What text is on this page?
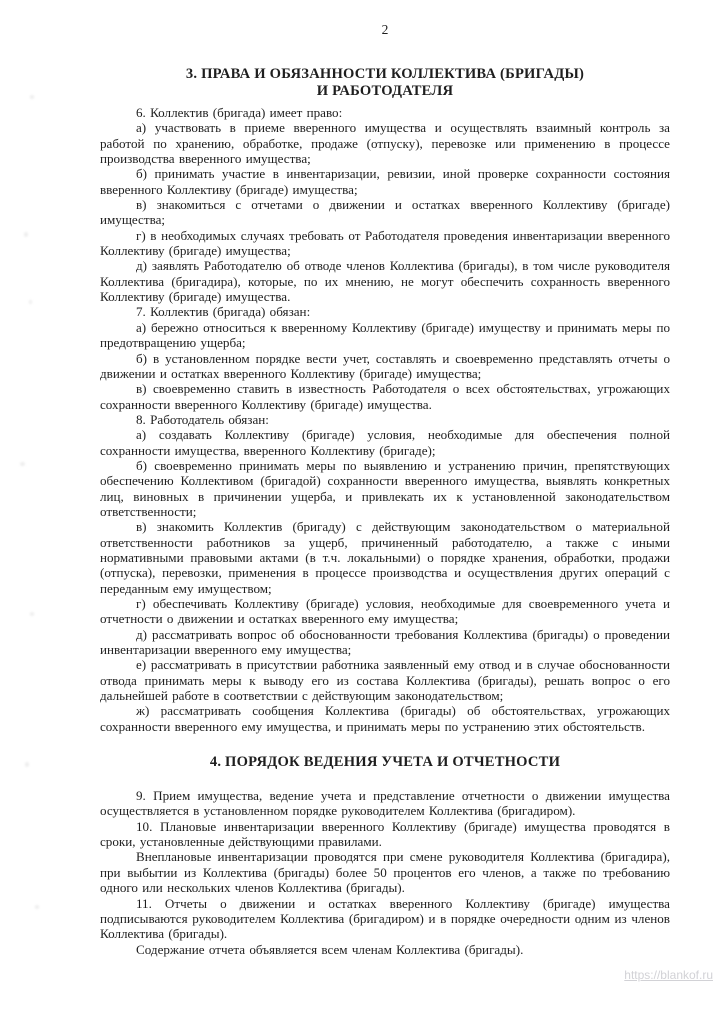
2
3. ПРАВА И ОБЯЗАННОСТИ КОЛЛЕКТИВА (БРИГАДЫ)
И РАБОТОДАТЕЛЯ

6. Коллектив (бригада) имеет право:

а) участвовать в приеме вверенного имущества и осуществлять взаимный контроль за работой по хранению, обработке, продаже (отпуску), перевозке или применению в процессе производства вверенного имущества;

б) принимать участие в инвентаризации, ревизии, иной проверке сохранности состояния вверенного Коллективу (бригаде) имущества;

в) знакомиться с отчетами о движении и остатках вверенного Коллективу (бригаде) имущества;

г) в необходимых случаях требовать от Работодателя проведения инвентаризации вверенного Коллективу (бригаде) имущества;

д) заявлять Работодателю об отводе членов Коллектива (бригады), в том числе руководителя Коллектива (бригадира), которые, по их мнению, не могут обеспечить сохранность вверенного Коллективу (бригаде) имущества.

7. Коллектив (бригада) обязан:

а) бережно относиться к вверенному Коллективу (бригаде) имуществу и принимать меры по предотвращению ущерба;

б) в установленном порядке вести учет, составлять и своевременно представлять отчеты о движении и остатках вверенного Коллективу (бригаде) имущества;

в) своевременно ставить в известность Работодателя о всех обстоятельствах, угрожающих сохранности вверенного Коллективу (бригаде) имущества.

8. Работодатель обязан:

а) создавать Коллективу (бригаде) условия, необходимые для обеспечения полной сохранности имущества, вверенного Коллективу (бригаде);

б) своевременно принимать меры по выявлению и устранению причин, препятствующих обеспечению Коллективом (бригадой) сохранности вверенного имущества, выявлять конкретных лиц, виновных в причинении ущерба, и привлекать их к установленной законодательством ответственности;

в) знакомить Коллектив (бригаду) с действующим законодательством о материальной ответственности работников за ущерб, причиненный работодателю, а также с иными нормативными правовыми актами (в т.ч. локальными) о порядке хранения, обработки, продажи (отпуска), перевозки, применения в процессе производства и осуществления других операций с переданным ему имуществом;

г) обеспечивать Коллективу (бригаде) условия, необходимые для своевременного учета и отчетности о движении и остатках вверенного ему имущества;

д) рассматривать вопрос об обоснованности требования Коллектива (бригады) о проведении инвентаризации вверенного ему имущества;

е) рассматривать в присутствии работника заявленный ему отвод и в случае обоснованности отвода принимать меры к выводу его из состава Коллектива (бригады), решать вопрос о его дальнейшей работе в соответствии с действующим законодательством;

ж) рассматривать сообщения Коллектива (бригады) об обстоятельствах, угрожающих сохранности вверенного ему имущества, и принимать меры по устранению этих обстоятельств.

4. ПОРЯДОК ВЕДЕНИЯ УЧЕТА И ОТЧЕТНОСТИ

9. Прием имущества, ведение учета и представление отчетности о движении имущества осуществляется в установленном порядке руководителем Коллектива (бригадиром).

10. Плановые инвентаризации вверенного Коллективу (бригаде) имущества проводятся в сроки, установленные действующими правилами.

Внеплановые инвентаризации проводятся при смене руководителя Коллектива (бригадира), при выбытии из Коллектива (бригады) более 50 процентов его членов, а также по требованию одного или нескольких членов Коллектива (бригады).

11. Отчеты о движении и остатках вверенного Коллективу (бригаде) имущества подписываются руководителем Коллектива (бригадиром) и в порядке очередности одним из членов Коллектива (бригады).

Содержание отчета объявляется всем членам Коллектива (бригады).

https://blankof.ru
